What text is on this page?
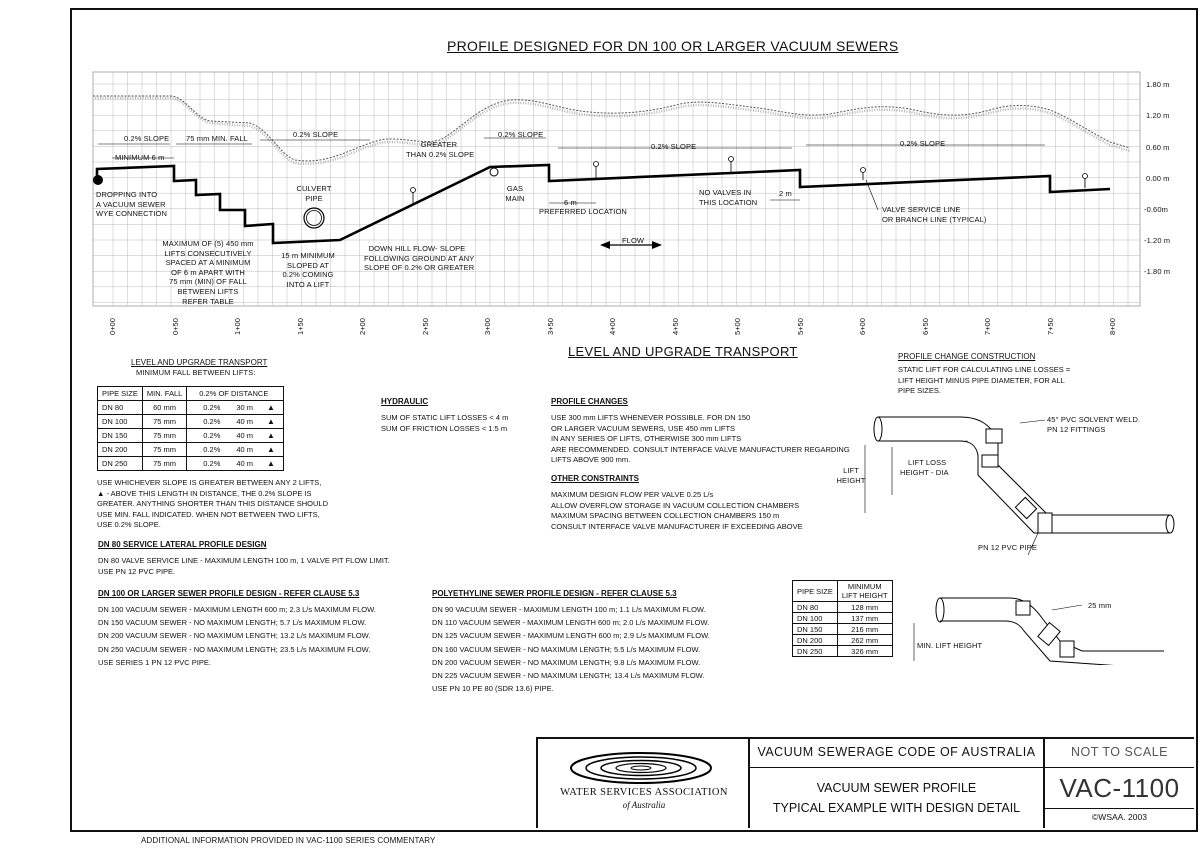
PROFILE DESIGNED FOR DN 100 OR LARGER VACUUM SEWERS
1.80 m
1.20 m
0.60 m
0.00 m
-0.60m
-1.20 m
-1.80 m
0+00	0+50	1+00	1+50	2+00	2+50	3+00	3+50	4+00	4+50	5+00	5+50	6+00	6+50	7+00	7+50	8+00
0.2% SLOPE 75 mm MIN. FALL
MINIMUM 6 m
0.2% SLOPE
GREATER
THAN 0.2% SLOPE
0.2% SLOPE
0.2% SLOPE	0.2% SLOPE
DROPPING INTO
A VACUUM SEWER
WYE CONNECTION
CULVERT
PIPE
GAS
MAIN	6 m
PREFERRED LOCATION
NO VALVES IN
THIS LOCATION
2 m
VALVE SERVICE LINE
OR BRANCH LINE (TYPICAL)
MAXIMUM OF (5) 450 mm
LIFTS CONSECUTIVELY
SPACED AT A MINIMUM
OF 6 m APART WITH
75 mm (MIN) OF FALL
BETWEEN LIFTS
REFER TABLE
15 m MINIMUM
SLOPED AT
0.2% COMING
INTO A LIFT
DOWN HILL FLOW- SLOPE
FOLLOWING GROUND AT ANY
SLOPE OF 0.2% OR GREATER
FLOW
LEVEL AND UPGRADE TRANSPORT
LEVEL AND UPGRADE TRANSPORT
MINIMUM FALL BETWEEN LIFTS:
PIPE SIZE	MIN. FALL	0.2% OF DISTANCE		
DN 80	60 mm	0.2%	30 m	▲
DN 100	75 mm	0.2%	40 m	▲
DN 150	75 mm	0.2%	40 m	▲
DN 200	75 mm	0.2%	40 m	▲
DN 250	75 mm	0.2%	40 m	▲
USE WHICHEVER SLOPE IS GREATER BETWEEN ANY 2 LIFTS,
▲ - ABOVE THIS LENGTH IN DISTANCE, THE 0.2% SLOPE IS
GREATER. ANYTHING SHORTER THAN THIS DISTANCE SHOULD
USE MIN. FALL INDICATED. WHEN NOT BETWEEN TWO LIFTS,
USE 0.2% SLOPE.
DN 80 SERVICE LATERAL PROFILE DESIGN
DN 80 VALVE SERVICE LINE - MAXIMUM LENGTH 100 m, 1 VALVE PIT FLOW LIMIT.
USE PN 12 PVC PIPE.
DN 100 OR LARGER SEWER PROFILE DESIGN - REFER CLAUSE 5.3
DN 100 VACUUM SEWER - MAXIMUM LENGTH 600 m; 2.3 L/s MAXIMUM FLOW.
DN 150 VACUUM SEWER - NO MAXIMUM LENGTH; 5.7 L/s MAXIMUM FLOW.
DN 200 VACUUM SEWER - NO MAXIMUM LENGTH; 13.2 L/s MAXIMUM FLOW.
DN 250 VACUUM SEWER - NO MAXIMUM LENGTH; 23.5 L/s MAXIMUM FLOW.
USE SERIES 1 PN 12 PVC PIPE.
HYDRAULIC
SUM OF STATIC LIFT LOSSES < 4 m
SUM OF FRICTION LOSSES < 1.5 m
PROFILE CHANGES
USE 300 mm LIFTS WHENEVER POSSIBLE. FOR DN 150
OR LARGER VACUUM SEWERS, USE 450 mm LIFTS
IN ANY SERIES OF LIFTS, OTHERWISE 300 mm LIFTS
ARE RECOMMENDED. CONSULT INTERFACE VALVE MANUFACTURER REGARDING
LIFTS ABOVE 900 mm.
OTHER CONSTRAINTS
MAXIMUM DESIGN FLOW PER VALVE 0.25 L/s
ALLOW OVERFLOW STORAGE IN VACUUM COLLECTION CHAMBERS
MAXIMUM SPACING BETWEEN COLLECTION CHAMBERS 150 m
CONSULT INTERFACE VALVE MANUFACTURER IF EXCEEDING ABOVE
POLYETHYLINE SEWER PROFILE DESIGN - REFER CLAUSE 5.3
DN 90 VACUUM SEWER - MAXIMUM LENGTH 100 m; 1.1 L/s MAXIMUM FLOW.
DN 110 VACUUM SEWER - MAXIMUM LENGTH 600 m; 2.0 L/s MAXIMUM FLOW.
DN 125 VACUUM SEWER - MAXIMUM LENGTH 600 m; 2.9 L/s MAXIMUM FLOW.
DN 160 VACUUM SEWER - NO MAXIMUM LENGTH; 5.5 L/s MAXIMUM FLOW.
DN 200 VACUUM SEWER - NO MAXIMUM LENGTH; 9.8 L/s MAXIMUM FLOW.
DN 225 VACUUM SEWER - NO MAXIMUM LENGTH; 13.4 L/s MAXIMUM FLOW.
USE PN 10 PE 80 (SDR 13.6) PIPE.
PROFILE CHANGE CONSTRUCTION
STATIC LIFT FOR CALCULATING LINE LOSSES =
LIFT HEIGHT MINUS PIPE DIAMETER, FOR ALL
PIPE SIZES.
45° PVC SOLVENT WELD.
PN 12 FITTINGS
LIFT
HEIGHT
LIFT LOSS
HEIGHT - DIA
PN 12 PVC PIPE
25 mm
MIN. LIFT HEIGHT
PIPE SIZE	MINIMUM
LIFT HEIGHT

DN 80	128 mm
DN 100	137 mm
DN 150	216 mm
DN 200	262 mm
DN 250	326 mm
WATER SERVICES ASSOCIATION
of Australia
VACUUM SEWERAGE CODE OF AUSTRALIA
VACUUM SEWER PROFILE
TYPICAL EXAMPLE WITH DESIGN DETAIL
NOT TO SCALE
VAC-1100
©WSAA. 2003
ADDITIONAL INFORMATION PROVIDED IN VAC-1100 SERIES COMMENTARY
